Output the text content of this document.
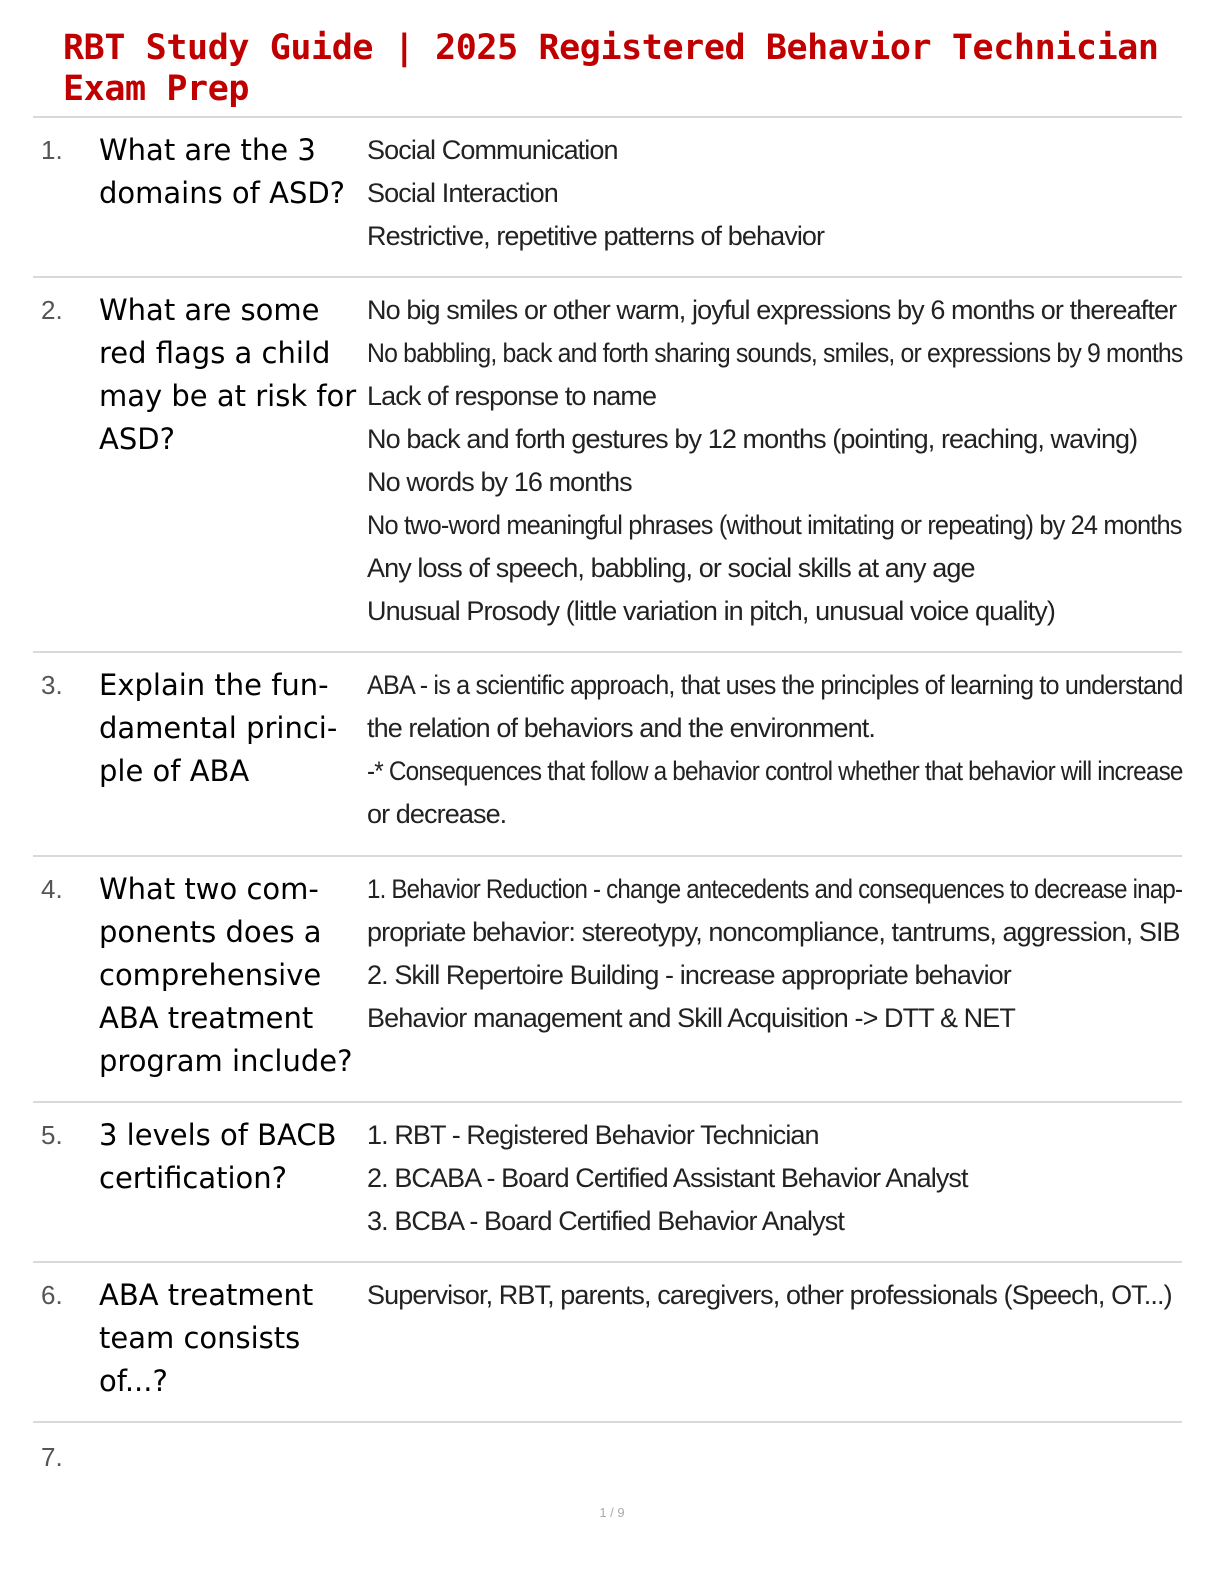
RBT Study Guide | 2025 Registered Behavior Technician Exam Prep
1. What are the 3 domains of ASD?
Social Communication
Social Interaction
Restrictive, repetitive patterns of behavior
2. What are some red flags a child may be at risk for ASD?
No big smiles or other warm, joyful expressions by 6 months or thereafter
No babbling, back and forth sharing sounds, smiles, or expressions by 9 months
Lack of response to name
No back and forth gestures by 12 months (pointing, reaching, waving)
No words by 16 months
No two-word meaningful phrases (without imitating or repeating) by 24 months
Any loss of speech, babbling, or social skills at any age
Unusual Prosody (little variation in pitch, unusual voice quality)
3. Explain the fun-damental princi-ple of ABA
ABA - is a scientific approach, that uses the principles of learning to understand
the relation of behaviors and the environment.
-* Consequences that follow a behavior control whether that behavior will increase
or decrease.
4. What two com-ponents does a comprehensive ABA treatment program include?
1. Behavior Reduction - change antecedents and consequences to decrease inap-
propriate behavior: stereotypy, noncompliance, tantrums, aggression, SIB
2. Skill Repertoire Building - increase appropriate behavior
Behavior management and Skill Acquisition -> DTT & NET
5. 3 levels of BACB certification?
1. RBT - Registered Behavior Technician
2. BCABA - Board Certified Assistant Behavior Analyst
3. BCBA - Board Certified Behavior Analyst
6. ABA treatment team consists of...?
Supervisor, RBT, parents, caregivers, other professionals (Speech, OT...)
7.
1 / 9
